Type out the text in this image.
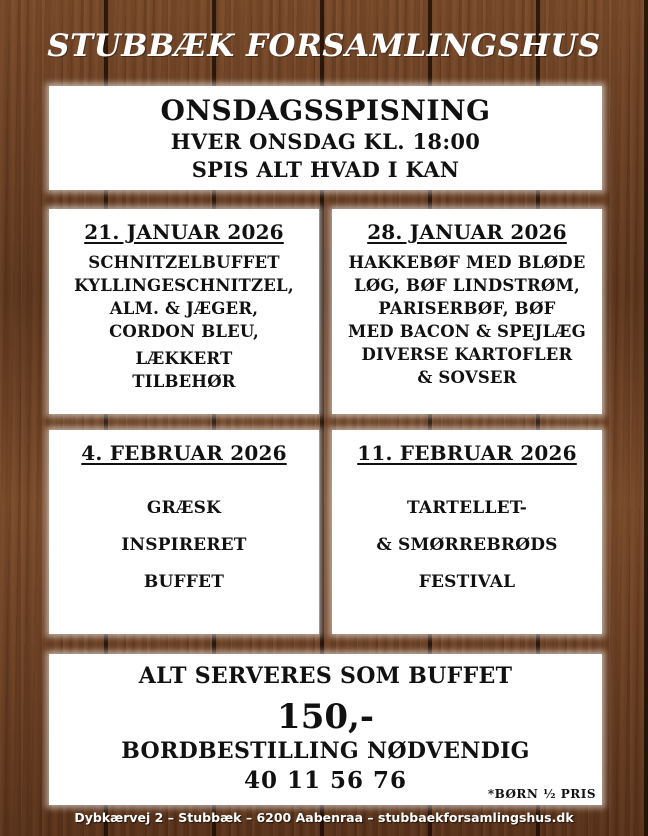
STUBBÆK FORSAMLINGSHUS
ONSDAGSSPISNING
HVER ONSDAG KL. 18:00
SPIS ALT HVAD I KAN
21. JANUAR 2026
SCHNITZELBUFFET
KYLLINGESCHNITZEL,
ALM. & JÆGER,
CORDON BLEU,
LÆKKERT
TILBEHØR
28. JANUAR 2026
HAKKEBØF MED BLØDE
LØG, BØF LINDSTRØM,
PARISERBØF, BØF
MED BACON & SPEJLÆG
DIVERSE KARTOFLER
& SOVSER
4. FEBRUAR 2026
GRÆSK
INSPIRERET
BUFFET
11. FEBRUAR 2026
TARTELLET-
& SMØRREBRØDS
FESTIVAL
ALT SERVERES SOM BUFFET
150,-
BORDBESTILLING NØDVENDIG
40 11 56 76	*BØRN ½ PRIS
Dybkærvej 2 – Stubbæk – 6200 Aabenraa – stubbaekforsamlingshus.dk
